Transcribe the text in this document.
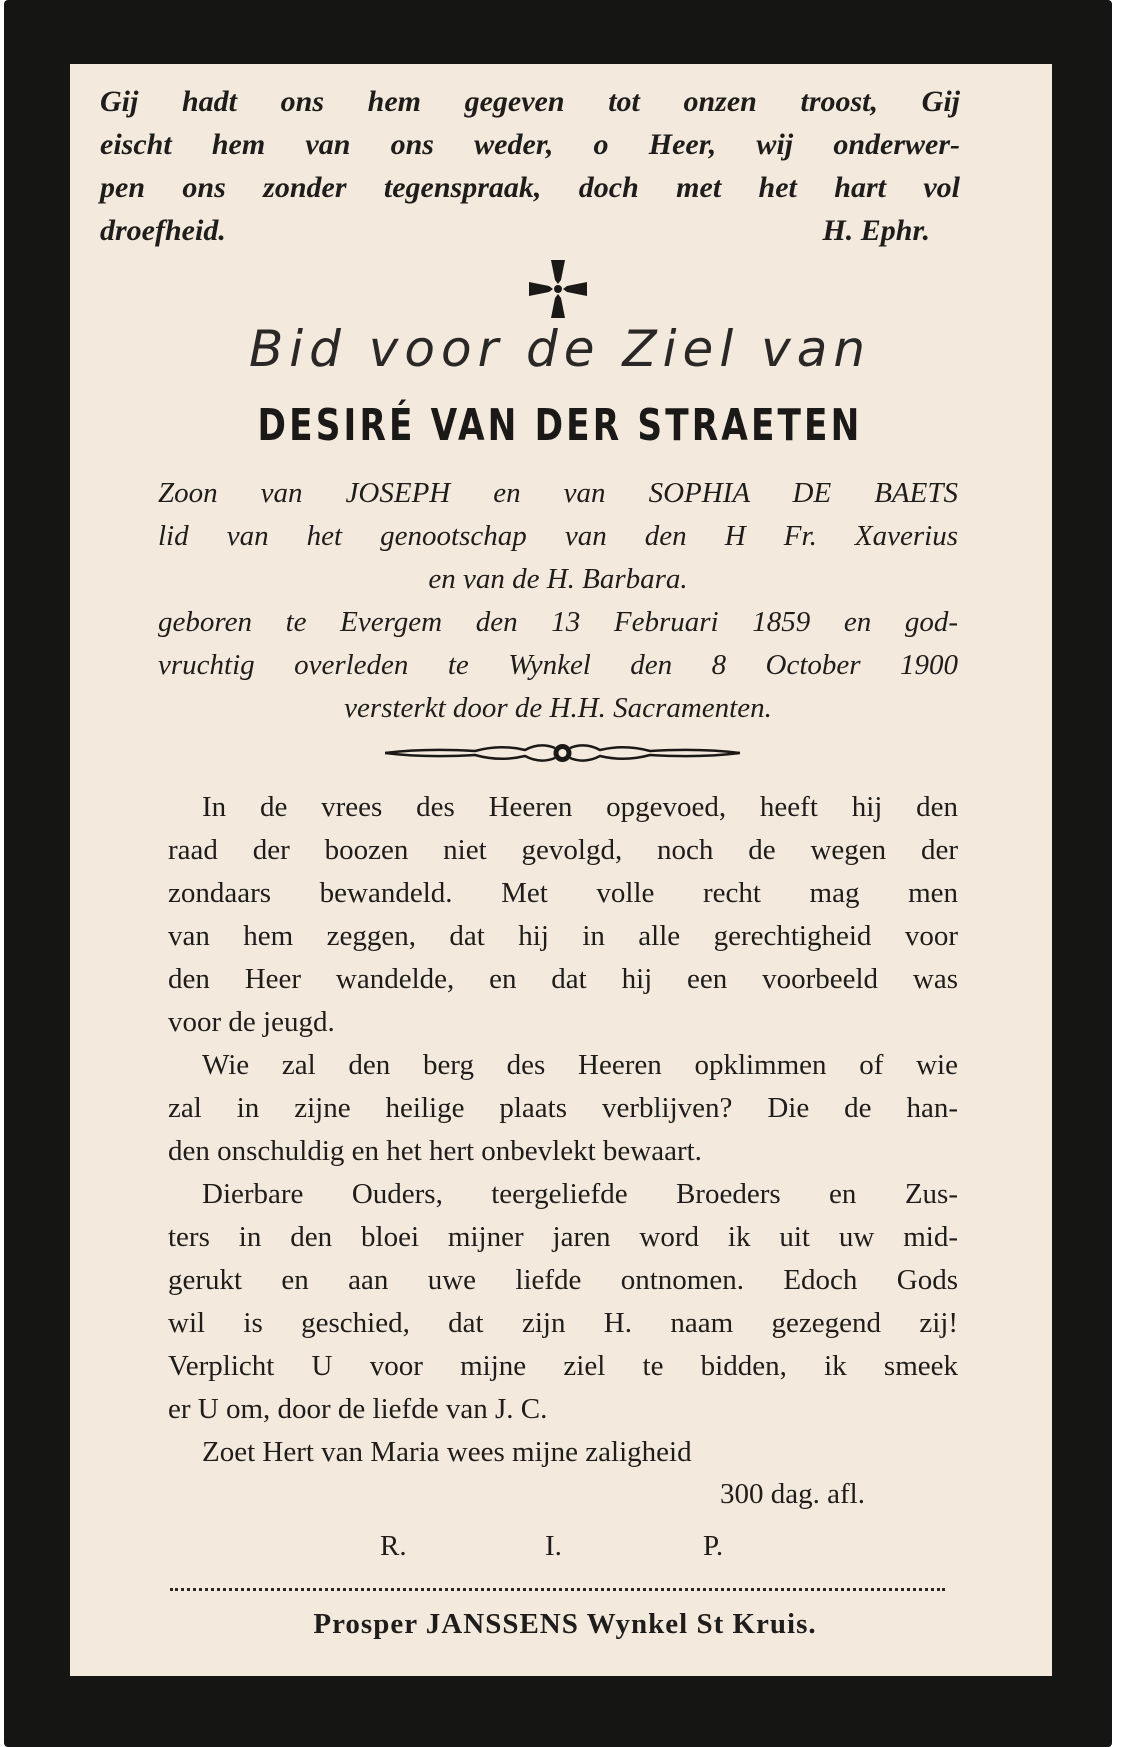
Gij hadt ons hem gegeven tot onzen troost, Gij
eischt hem van ons weder, o Heer, wij onderwer-
pen ons zonder tegenspraak, doch met het hart vol
droefheid.	H. Ephr.
Bid voor de Ziel van
DESIRÉ VAN DER STRAETEN
Zoon van JOSEPH en van SOPHIA DE BAETS
lid van het genootschap van den H Fr. Xaverius
en van de H. Barbara.
geboren te Evergem den 13 Februari 1859 en god-
vruchtig overleden te Wynkel den 8 October 1900
versterkt door de H.H. Sacramenten.
In de vrees des Heeren opgevoed, heeft hij den
raad der boozen niet gevolgd, noch de wegen der
zondaars bewandeld. Met volle recht mag men
van hem zeggen, dat hij in alle gerechtigheid voor
den Heer wandelde, en dat hij een voorbeeld was
voor de jeugd.
Wie zal den berg des Heeren opklimmen of wie
zal in zijne heilige plaats verblijven? Die de han-
den onschuldig en het hert onbevlekt bewaart.
Dierbare Ouders, teergeliefde Broeders en Zus-
ters in den bloei mijner jaren word ik uit uw mid-
gerukt en aan uwe liefde ontnomen. Edoch Gods
wil is geschied, dat zijn H. naam gezegend zij!
Verplicht U voor mijne ziel te bidden, ik smeek
er U om, door de liefde van J. C.
Zoet Hert van Maria wees mijne zaligheid
300 dag. afl.
R.	I.	P.
Prosper JANSSENS Wynkel St Kruis.
